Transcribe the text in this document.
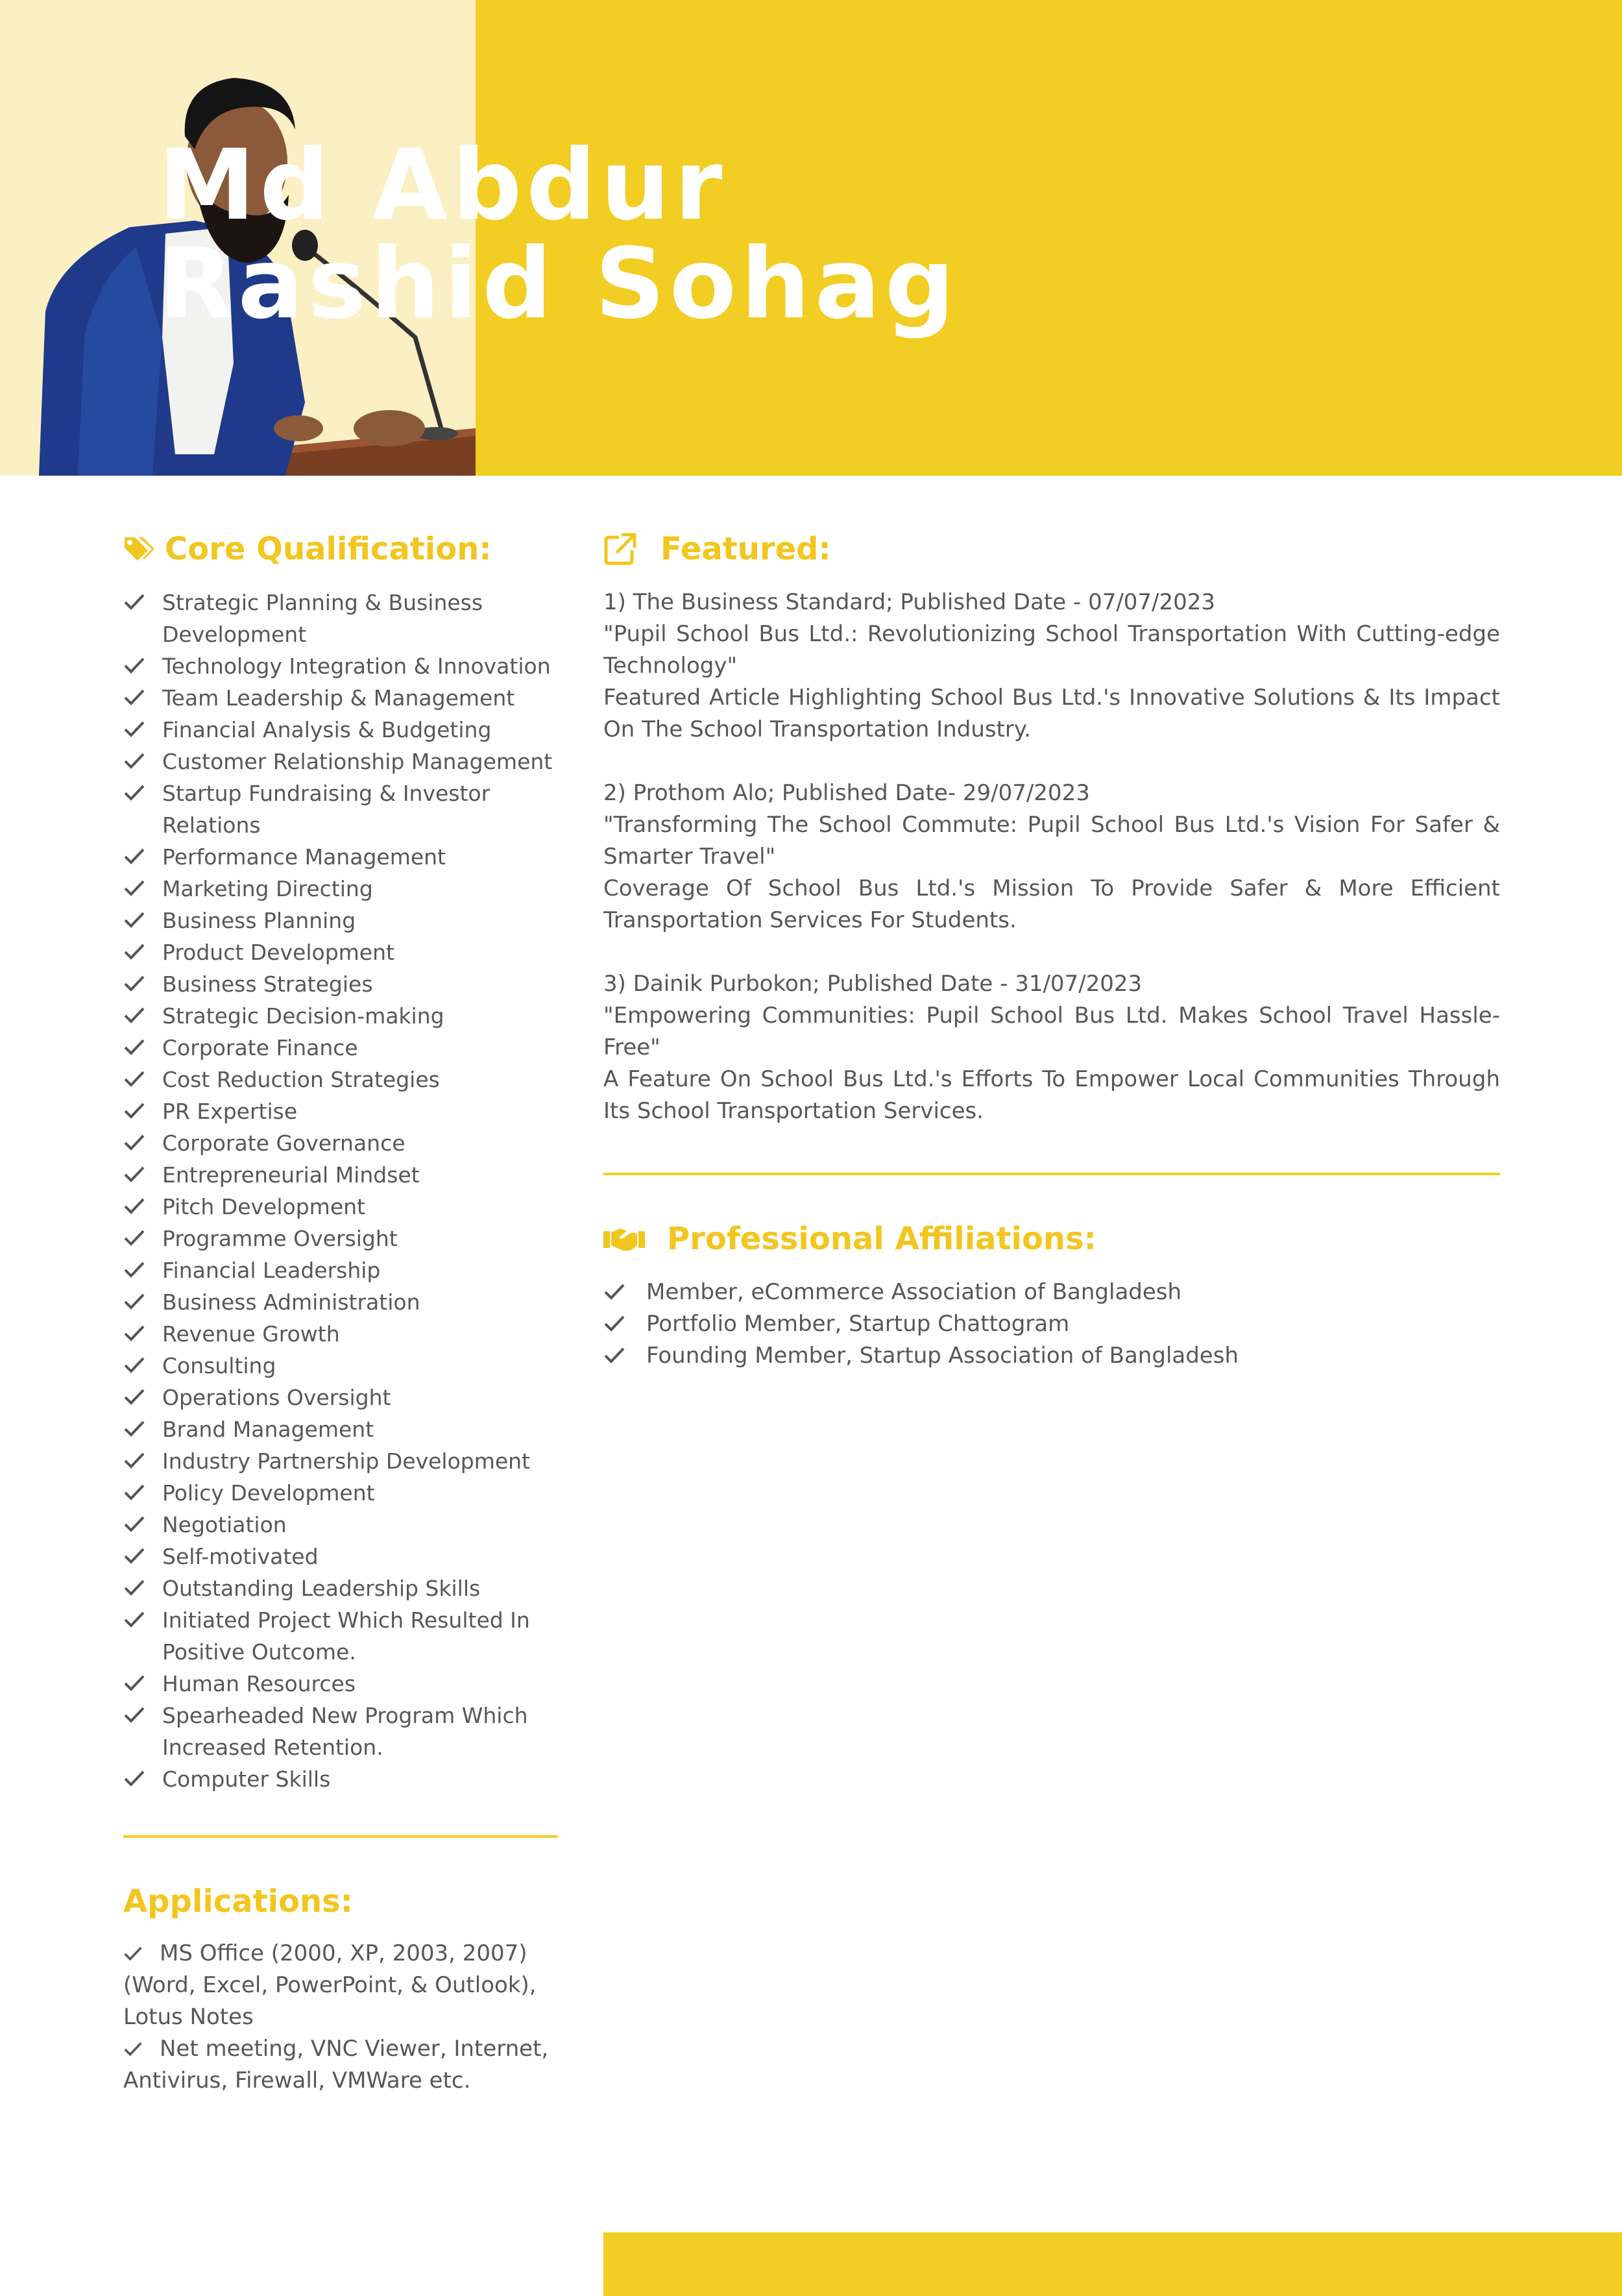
Md Abdur
Rashid Sohag
Core Qualification:
Strategic Planning & Business Development
Technology Integration & Innovation
Team Leadership & Management
Financial Analysis & Budgeting
Customer Relationship Management
Startup Fundraising & Investor Relations
Performance Management
Marketing Directing
Business Planning
Product Development
Business Strategies
Strategic Decision-making
Corporate Finance
Cost Reduction Strategies
PR Expertise
Corporate Governance
Entrepreneurial Mindset
Pitch Development
Programme Oversight
Financial Leadership
Business Administration
Revenue Growth
Consulting
Operations Oversight
Brand Management
Industry Partnership Development
Policy Development
Negotiation
Self-motivated
Outstanding Leadership Skills
Initiated Project Which Resulted In Positive Outcome.
Human Resources
Spearheaded New Program Which Increased Retention.
Computer Skills
Applications:
MS Office (2000, XP, 2003, 2007) (Word, Excel, PowerPoint, & Outlook), Lotus Notes
Net meeting, VNC Viewer, Internet, Antivirus, Firewall, VMWare etc.
Featured:

1) The Business Standard; Published Date - 07/07/2023

"Pupil School Bus Ltd.: Revolutionizing School Transportation With Cutting-edge Technology"

Featured Article Highlighting School Bus Ltd.'s Innovative Solutions & Its Impact On The School Transportation Industry.

2) Prothom Alo; Published Date- 29/07/2023

"Transforming The School Commute: Pupil School Bus Ltd.'s Vision For Safer & Smarter Travel"

Coverage Of School Bus Ltd.'s Mission To Provide Safer & More Efficient Transportation Services For Students.

3) Dainik Purbokon; Published Date - 31/07/2023

"Empowering Communities: Pupil School Bus Ltd. Makes School Travel Hassle-Free"

A Feature On School Bus Ltd.'s Efforts To Empower Local Communities Through Its School Transportation Services.

Professional Affiliations:
Member, eCommerce Association of Bangladesh
Portfolio Member, Startup Chattogram
Founding Member, Startup Association of Bangladesh
